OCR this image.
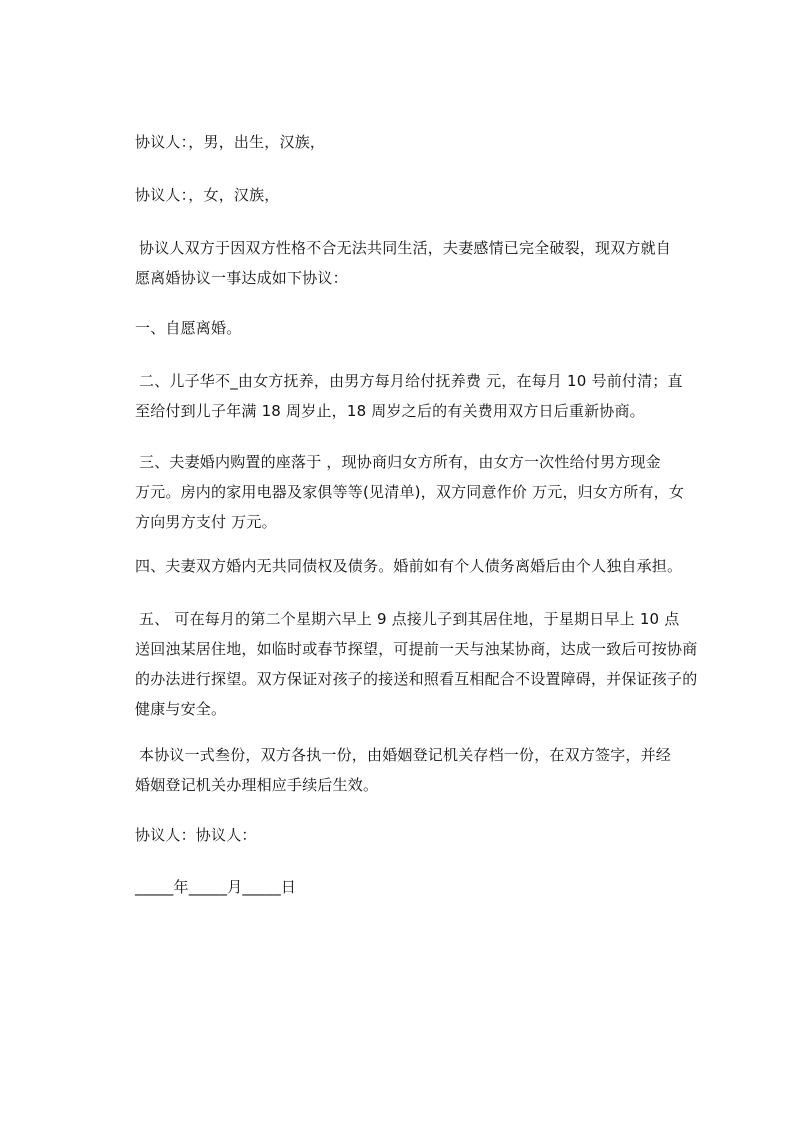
协议人：，男，出生，汉族，
协议人：，女，汉族，
协议人双方于因双方性格不合无法共同生活，夫妻感情已完全破裂，现双方就自
愿离婚协议一事达成如下协议：
一、自愿离婚。
二、儿子华不_由女方抚养，由男方每月给付抚养费 元，在每月 10 号前付清；直
至给付到儿子年满 18 周岁止，18 周岁之后的有关费用双方日后重新协商。
三、夫妻婚内购置的座落于 ，现协商归女方所有，由女方一次性给付男方现金
万元。房内的家用电器及家俱等等(见清单)，双方同意作价 万元，归女方所有，女
方向男方支付 万元。
四、夫妻双方婚内无共同债权及债务。婚前如有个人债务离婚后由个人独自承担。
五、 可在每月的第二个星期六早上 9 点接儿子到其居住地，于星期日早上 10 点
送回浊某居住地，如临时或春节探望，可提前一天与浊某协商，达成一致后可按协商
的办法进行探望。双方保证对孩子的接送和照看互相配合不设置障碍，并保证孩子的
健康与安全。
本协议一式叁份，双方各执一份，由婚姻登记机关存档一份，在双方签字，并经
婚姻登记机关办理相应手续后生效。
协议人：协议人：
_____年_____月_____日
